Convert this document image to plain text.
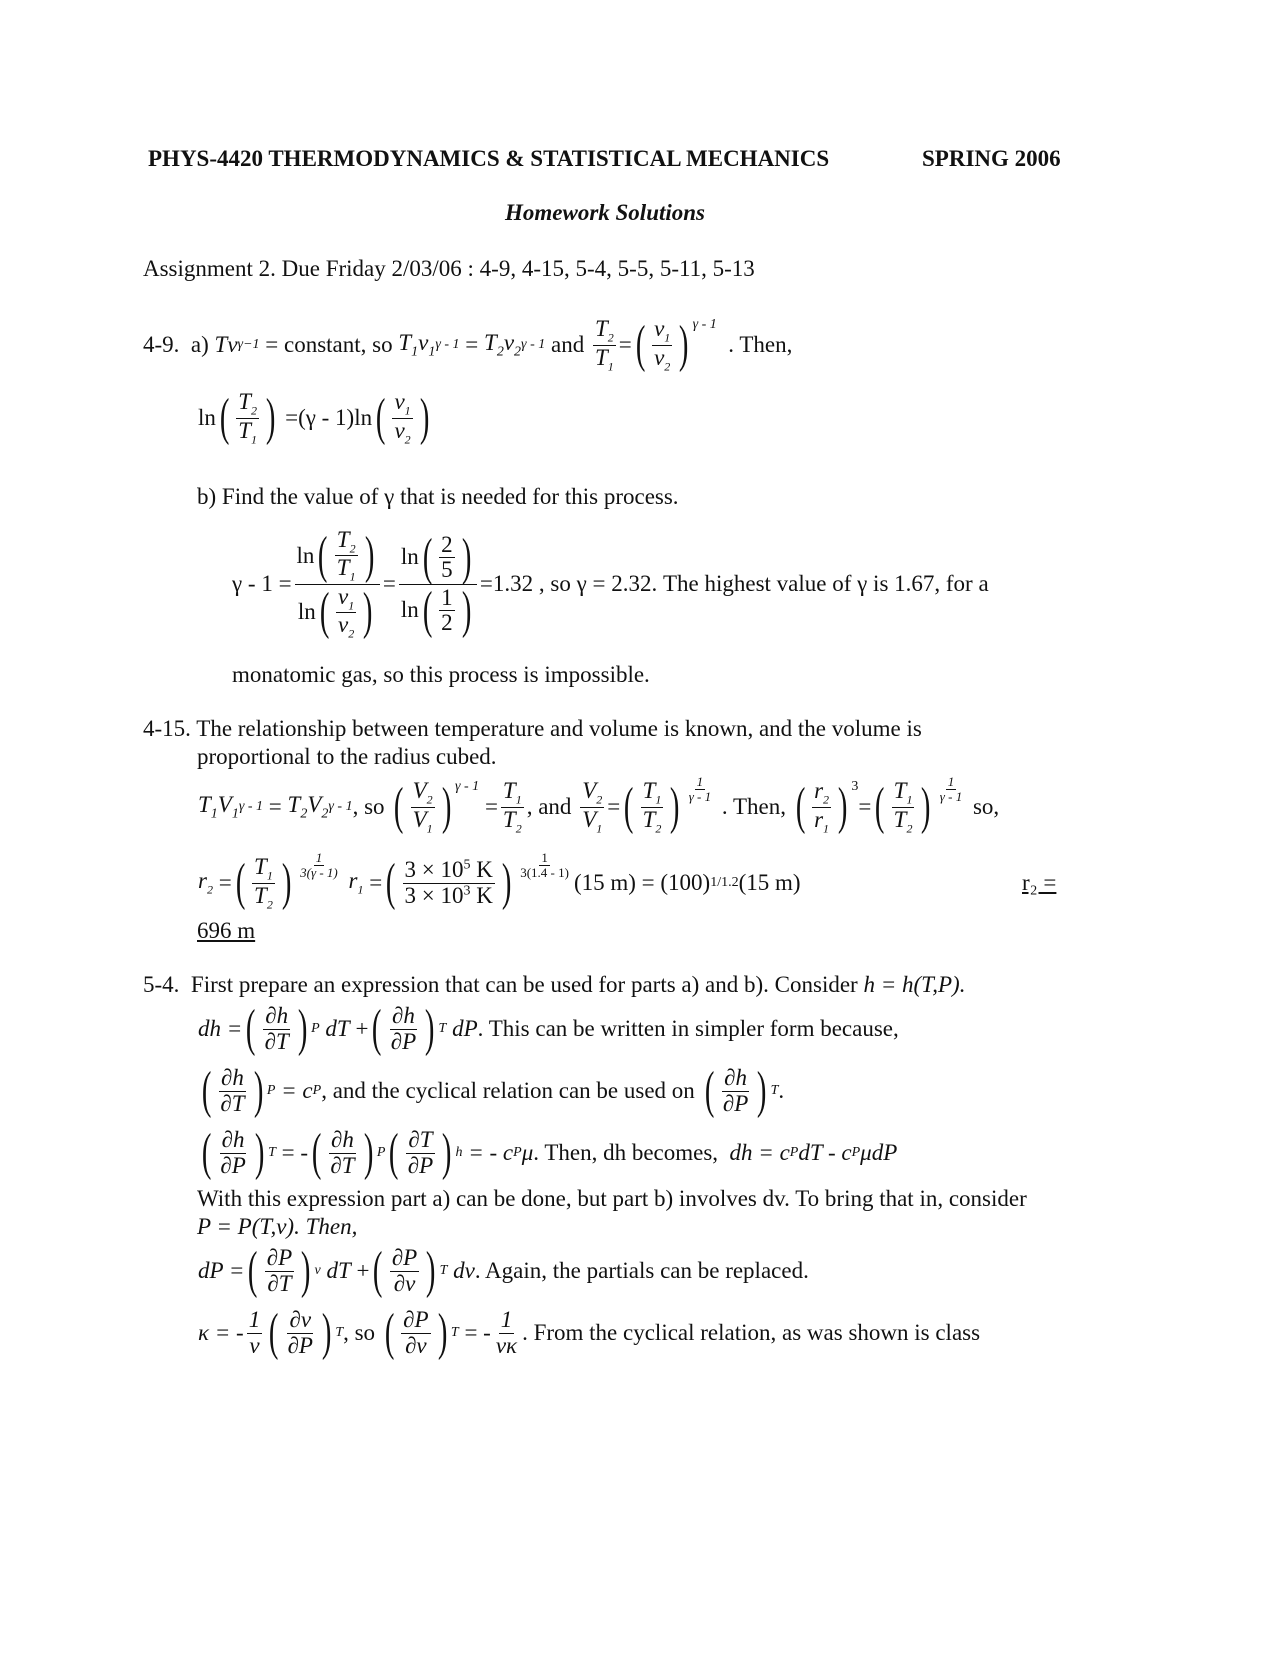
PHYS-4420 THERMODYNAMICS & STATISTICAL MECHANICS	SPRING 2006
Homework Solutions
Assignment 2. Due Friday 2/03/06 : 4-9, 4-15, 5-4, 5-5, 5-11, 5-13
4-9.
a)
Tv γ−1
= constant, so
$T_1v_1$ $\gamma - 1 = T_2v_2$ γ - 1
and
$\frac{T_2}{T_1}$ = ( $\frac{v_1}{v_2}$ ) $^{\gamma - 1}$

. Then,
ln ( $\frac{T_2}{T_1}$ )
=(γ - 1)ln ( $\frac{v_1}{v_2}$ )
b) Find the value of γ that is needed for this process.
$\gamma - 1 = \frac{\ln ( \frac{T_2}{T_1} )}{\ln ( \frac{v_1}{v_2} )} = \frac{\ln ( \frac{2}{5} )}{\ln ( \frac{1}{2} )} =1.32$ , so
γ = 2.32. The highest value of γ is 1.67, for a
monatomic gas, so this process is impossible.
4-15. The relationship between temperature and volume is known, and the volume is
proportional to the radius cubed.
$T_1V_1$ $\gamma - 1 = T_2V_2$ γ - 1 , so
( $\frac{V_2}{V_1}$ ) $^{\gamma - 1}$
= $\frac{T_1}{T_2}$ , and
$\frac{V_2}{V_1}$ = ( $\frac{T_1}{T_2}$ ) $\frac{1}{\gamma - 1}$

. Then,
( $\frac{r_2}{r_1}$ ) $^3$
= ( $\frac{T_1}{T_2}$ ) $\frac{1}{\gamma - 1}$

so,
$r_2$ = ( $\frac{T_1}{T_2}$ ) $\frac{1}{3(\gamma - 1)}$

$r_1$ = ( $\frac{3 \times 10^5 K}{3 \times 10^3 K}$ ) $\frac{1}{3(1.4 - 1)}$
(15 m) = (100) 1/1.2 (15 m)	r₂ =
696 m
5-4. First prepare an expression that can be used for parts a) and b). Consider h = h(T,P).
dh = ( $\frac{\partial h}{\partial T}$ ) P
dT + ( $\frac{\partial h}{\partial P}$ ) T
dP . This can be written in simpler form because,
( $\frac{\partial h}{\partial T}$ ) P
= c P , and the cyclical relation can be used on
( $\frac{\partial h}{\partial P}$ ) T .
( $\frac{\partial h}{\partial P}$ ) T
= - ( $\frac{\partial h}{\partial T}$ ) P ( $\frac{\partial T}{\partial P}$ ) h
= - c P μ . Then, dh becomes,
dh = c P dT - c P μdP
With this expression part a) can be done, but part b) involves dv. To bring that in, consider
P = P(T,v). Then,
dP = ( $\frac{\partial P}{\partial T}$ ) v
dT + ( $\frac{\partial P}{\partial v}$ ) T
dv . Again, the partials can be replaced.
κ = - $\frac{1}{v}$ ( $\frac{\partial v}{\partial P}$ ) T , so
( $\frac{\partial P}{\partial v}$ ) T = - $\frac{1}{v\kappa}$ . From the cyclical relation, as was shown is class
